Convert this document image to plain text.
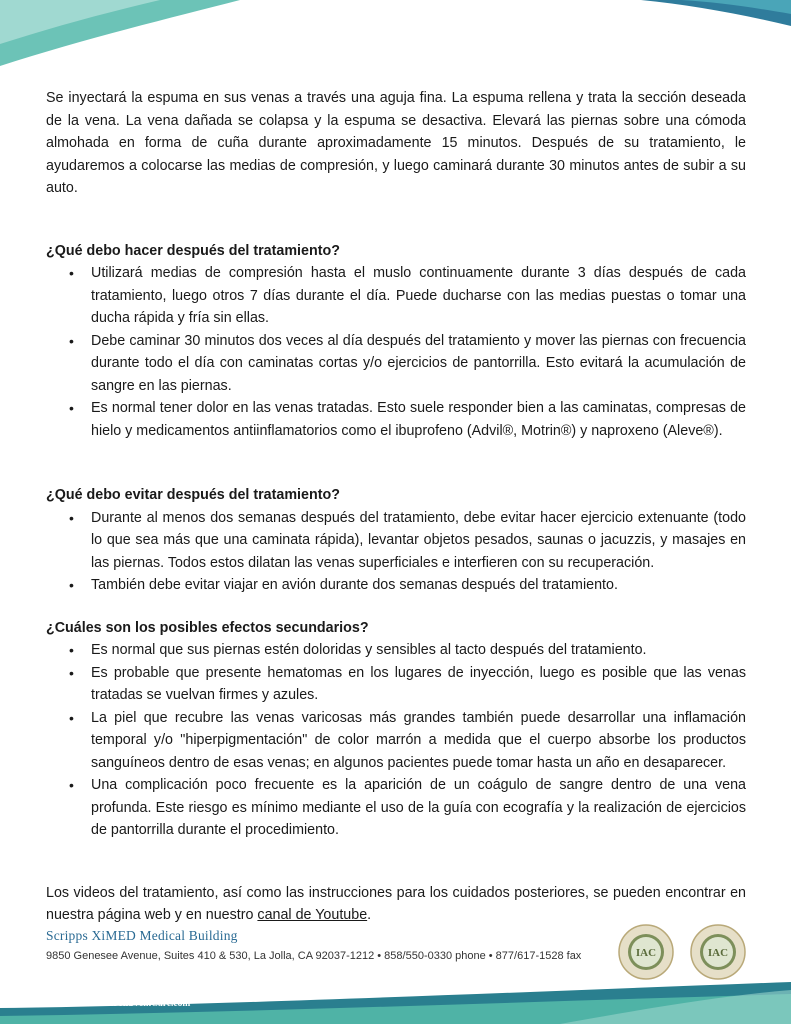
Se inyectará la espuma en sus venas a través una aguja fina. La espuma rellena y trata la sección deseada de la vena. La vena dañada se colapsa y la espuma se desactiva. Elevará las piernas sobre una cómoda almohada en forma de cuña durante aproximadamente 15 minutos. Después de su tratamiento, le ayudaremos a colocarse las medias de compresión, y luego caminará durante 30 minutos antes de subir a su auto.

¿Qué debo hacer después del tratamiento?
• Utilizará medias de compresión hasta el muslo continuamente durante 3 días después de cada tratamiento, luego otros 7 días durante el día. Puede ducharse con las medias puestas o tomar una ducha rápida y fría sin ellas.
• Debe caminar 30 minutos dos veces al día después del tratamiento y mover las piernas con frecuencia durante todo el día con caminatas cortas y/o ejercicios de pantorrilla. Esto evitará la acumulación de sangre en las piernas.
• Es normal tener dolor en las venas tratadas. Esto suele responder bien a las caminatas, compresas de hielo y medicamentos antiinflamatorios como el ibuprofeno (Advil®, Motrin®) y naproxeno (Aleve®).
¿Qué debo evitar después del tratamiento?
• Durante al menos dos semanas después del tratamiento, debe evitar hacer ejercicio extenuante (todo lo que sea más que una caminata rápida), levantar objetos pesados, saunas o jacuzzis, y masajes en las piernas. Todos estos dilatan las venas superficiales e interfieren con su recuperación.
• También debe evitar viajar en avión durante dos semanas después del tratamiento.
¿Cuáles son los posibles efectos secundarios?
• Es normal que sus piernas estén doloridas y sensibles al tacto después del tratamiento.
• Es probable que presente hematomas en los lugares de inyección, luego es posible que las venas tratadas se vuelvan firmes y azules.
• La piel que recubre las venas varicosas más grandes también puede desarrollar una inflamación temporal y/o "hiperpigmentación" de color marrón a medida que el cuerpo absorbe los productos sanguíneos dentro de esas venas; en algunos pacientes puede tomar hasta un año en desaparecer.
• Una complicación poco frecuente es la aparición de un coágulo de sangre dentro de una vena profunda. Este riesgo es mínimo mediante el uso de la guía con ecografía y la realización de ejercicios de pantorrilla durante el procedimiento.

Los videos del tratamiento, así como las instrucciones para los cuidados posteriores, se pueden encontrar en nuestra página web y en nuestro canal de Youtube.

Scripps XiMED Medical Building
9850 Genesee Avenue, Suites 410 & 530, La Jolla, CA 92037-1212 • 858/550-0330 phone • 877/617-1528 fax	IAC	IAC
www.LaJollaVeinCare.com
